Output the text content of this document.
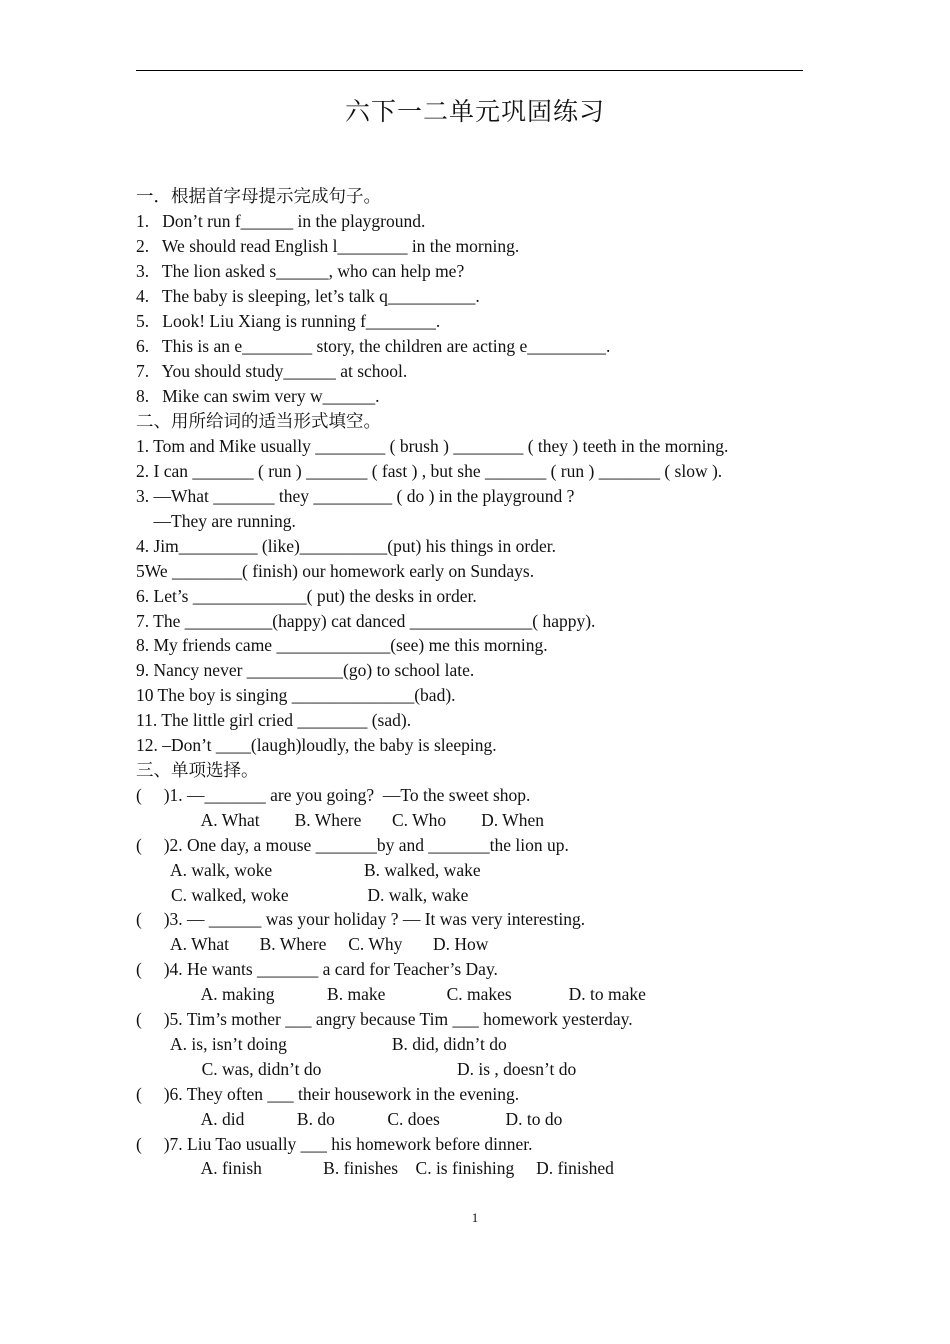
六下一二单元巩固练习
一．根据首字母提示完成句子。
1.   Don’t run f______ in the playground.
2.   We should read English l________ in the morning.
3.   The lion asked s______, who can help me?
4.   The baby is sleeping, let’s talk q__________.
5.   Look! Liu Xiang is running f________.
6.   This is an e________ story, the children are acting e_________.
7.   You should study______ at school.
8.   Mike can swim very w______.
二、用所给词的适当形式填空。
1. Tom and Mike usually ________ ( brush ) ________ ( they ) teeth in the morning.
2. I can _______ ( run ) _______ ( fast ) , but she _______ ( run ) _______ ( slow ).
3. —What _______ they _________ ( do ) in the playground ?
—They are running.
4. Jim_________ (like)__________(put) his things in order.
5We ________( finish) our homework early on Sundays.
6. Let’s _____________( put) the desks in order.
7. The __________(happy) cat danced ______________( happy).
8. My friends came _____________(see) me this morning.
9. Nancy never ___________(go) to school late.
10 The boy is singing ______________(bad).
11. The little girl cried ________ (sad).
12. –Don’t ____(laugh)loudly, the baby is sleeping.
三、单项选择。
(     )1. —_______ are you going?  —To the sweet shop.
A. What        B. Where       C. Who        D. When
(     )2. One day, a mouse _______by and _______the lion up.
A. walk, woke                     B. walked, wake
C. walked, woke                  D. walk, wake
(     )3. — ______ was your holiday ? — It was very interesting.
A. What       B. Where     C. Why       D. How
(     )4. He wants _______ a card for Teacher’s Day.
A. making            B. make              C. makes             D. to make
(     )5. Tim’s mother ___ angry because Tim ___ homework yesterday.
A. is, isn’t doing                        B. did, didn’t do
C. was, didn’t do                               D. is , doesn’t do
(     )6. They often ___ their housework in the evening.
A. did            B. do            C. does               D. to do
(     )7. Liu Tao usually ___ his homework before dinner.
A. finish              B. finishes    C. is finishing     D. finished
1
